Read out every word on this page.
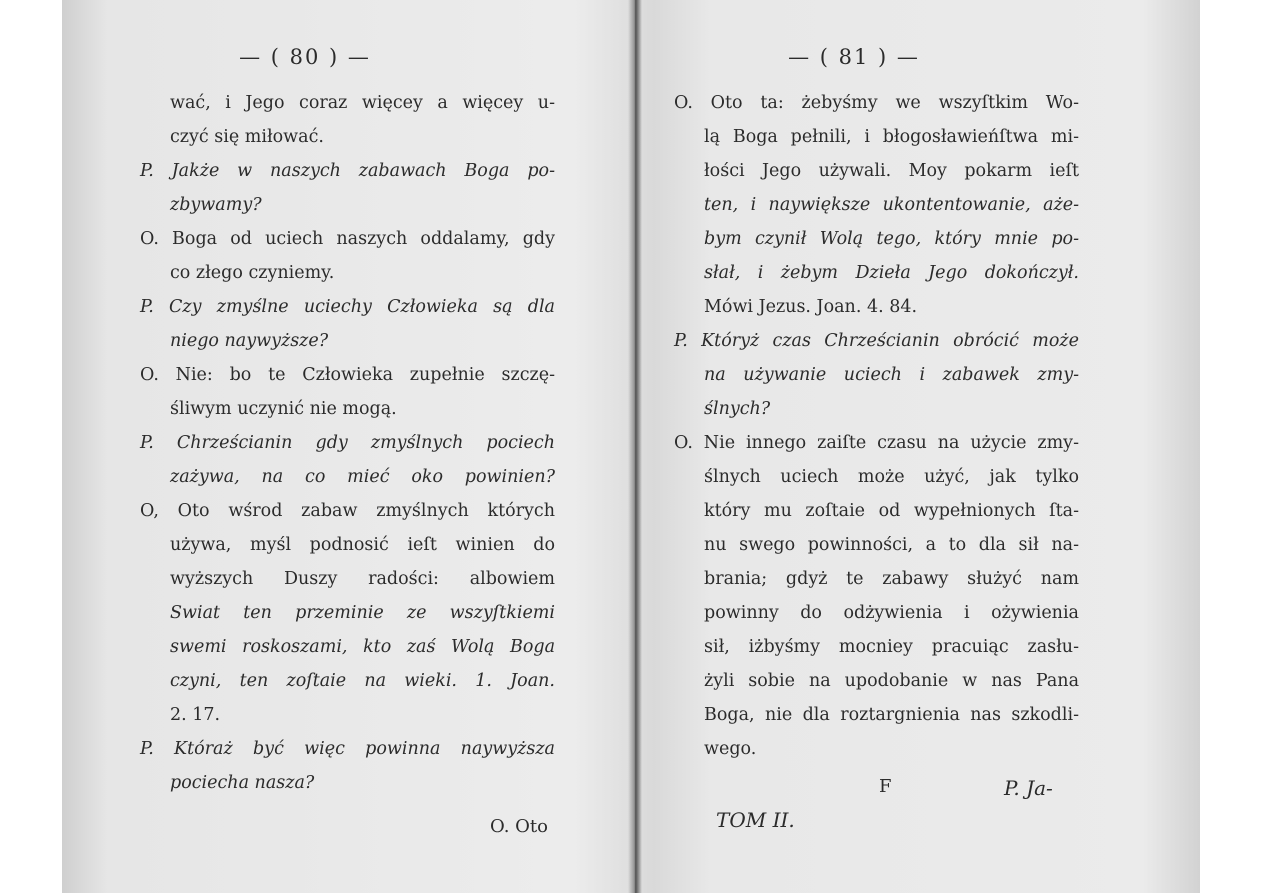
— ( 80 ) —
wać, i Jego coraz więcey a więcey u-
czyć się miłować.
P. Jakże w naszych zabawach Boga po-
zbywamy?
O. Boga od uciech naszych oddalamy, gdy
co złego czyniemy.
P. Czy zmyślne uciechy Człowieka są dla
niego naywyższe?
O. Nie: bo te Człowieka zupełnie szczę-
śliwym uczynić nie mogą.
P. Chrześcianin gdy zmyślnych pociech
zażywa, na co mieć oko powinien?
O, Oto wśrod zabaw zmyślnych których
używa, myśl podnosić ieſt winien do
wyższych Duszy radości: albowiem
Swiat ten przeminie ze wszyſtkiemi
swemi roskoszami, kto zaś Wolą Boga
czyni, ten zoſtaie na wieki. 1. Joan.
2. 17.
P. Któraż być więc powinna naywyższa
pociecha nasza?
O. Oto
— ( 81 ) —
O. Oto ta: żebyśmy we wszyſtkim Wo-
lą Boga pełnili, i błogosławieńſtwa mi-
łości Jego używali. Moy pokarm ieſt
ten, i naywiększe ukontentowanie, aże-
bym czynił Wolą tego, który mnie po-
słał, i żebym Dzieła Jego dokończył.
Mówi Jezus. Joan. 4. 84.
P. Któryż czas Chrześcianin obrócić może
na używanie uciech i zabawek zmy-
ślnych?
O. Nie innego zaiſte czasu na użycie zmy-
ślnych uciech może użyć, jak tylko
który mu zoſtaie od wypełnionych ſta-
nu swego powinności, a to dla sił na-
brania; gdyż te zabawy służyć nam
powinny do odżywienia i ożywienia
sił, iżbyśmy mocniey pracuiąc zasłu-
żyli sobie na upodobanie w nas Pana
Boga, nie dla roztargnienia nas szkodli-
wego.
F	P. Ja-
TOM II.
